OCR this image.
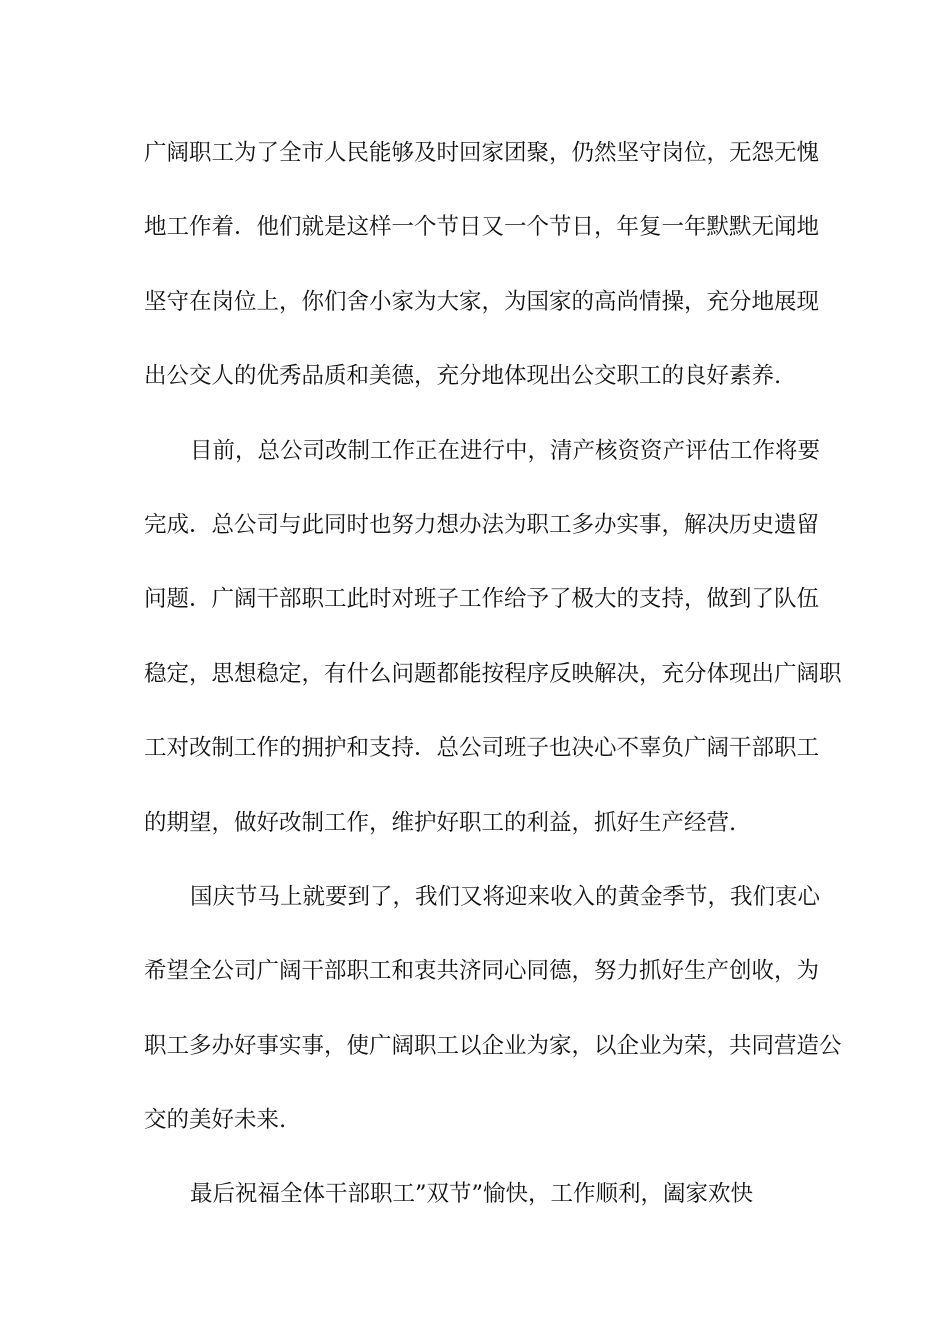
广阔职工为了全市人民能够及时回家团聚，仍然坚守岗位，无怨无愧
地工作着．他们就是这样一个节日又一个节日，年复一年默默无闻地
坚守在岗位上，你们舍小家为大家，为国家的高尚情操，充分地展现
出公交人的优秀品质和美德，充分地体现出公交职工的良好素养.
目前，总公司改制工作正在进行中，清产核资资产评估工作将要
完成．总公司与此同时也努力想办法为职工多办实事，解决历史遗留
问题．广阔干部职工此时对班子工作给予了极大的支持，做到了队伍
稳定，思想稳定，有什么问题都能按程序反映解决，充分体现出广阔职
工对改制工作的拥护和支持．总公司班子也决心不辜负广阔干部职工
的期望，做好改制工作，维护好职工的利益，抓好生产经营.
国庆节马上就要到了，我们又将迎来收入的黄金季节，我们衷心
希望全公司广阔干部职工和衷共济同心同德，努力抓好生产创收，为
职工多办好事实事，使广阔职工以企业为家，以企业为荣，共同营造公
交的美好未来.
最后祝福全体干部职工”双节”愉快，工作顺利，阖家欢快
